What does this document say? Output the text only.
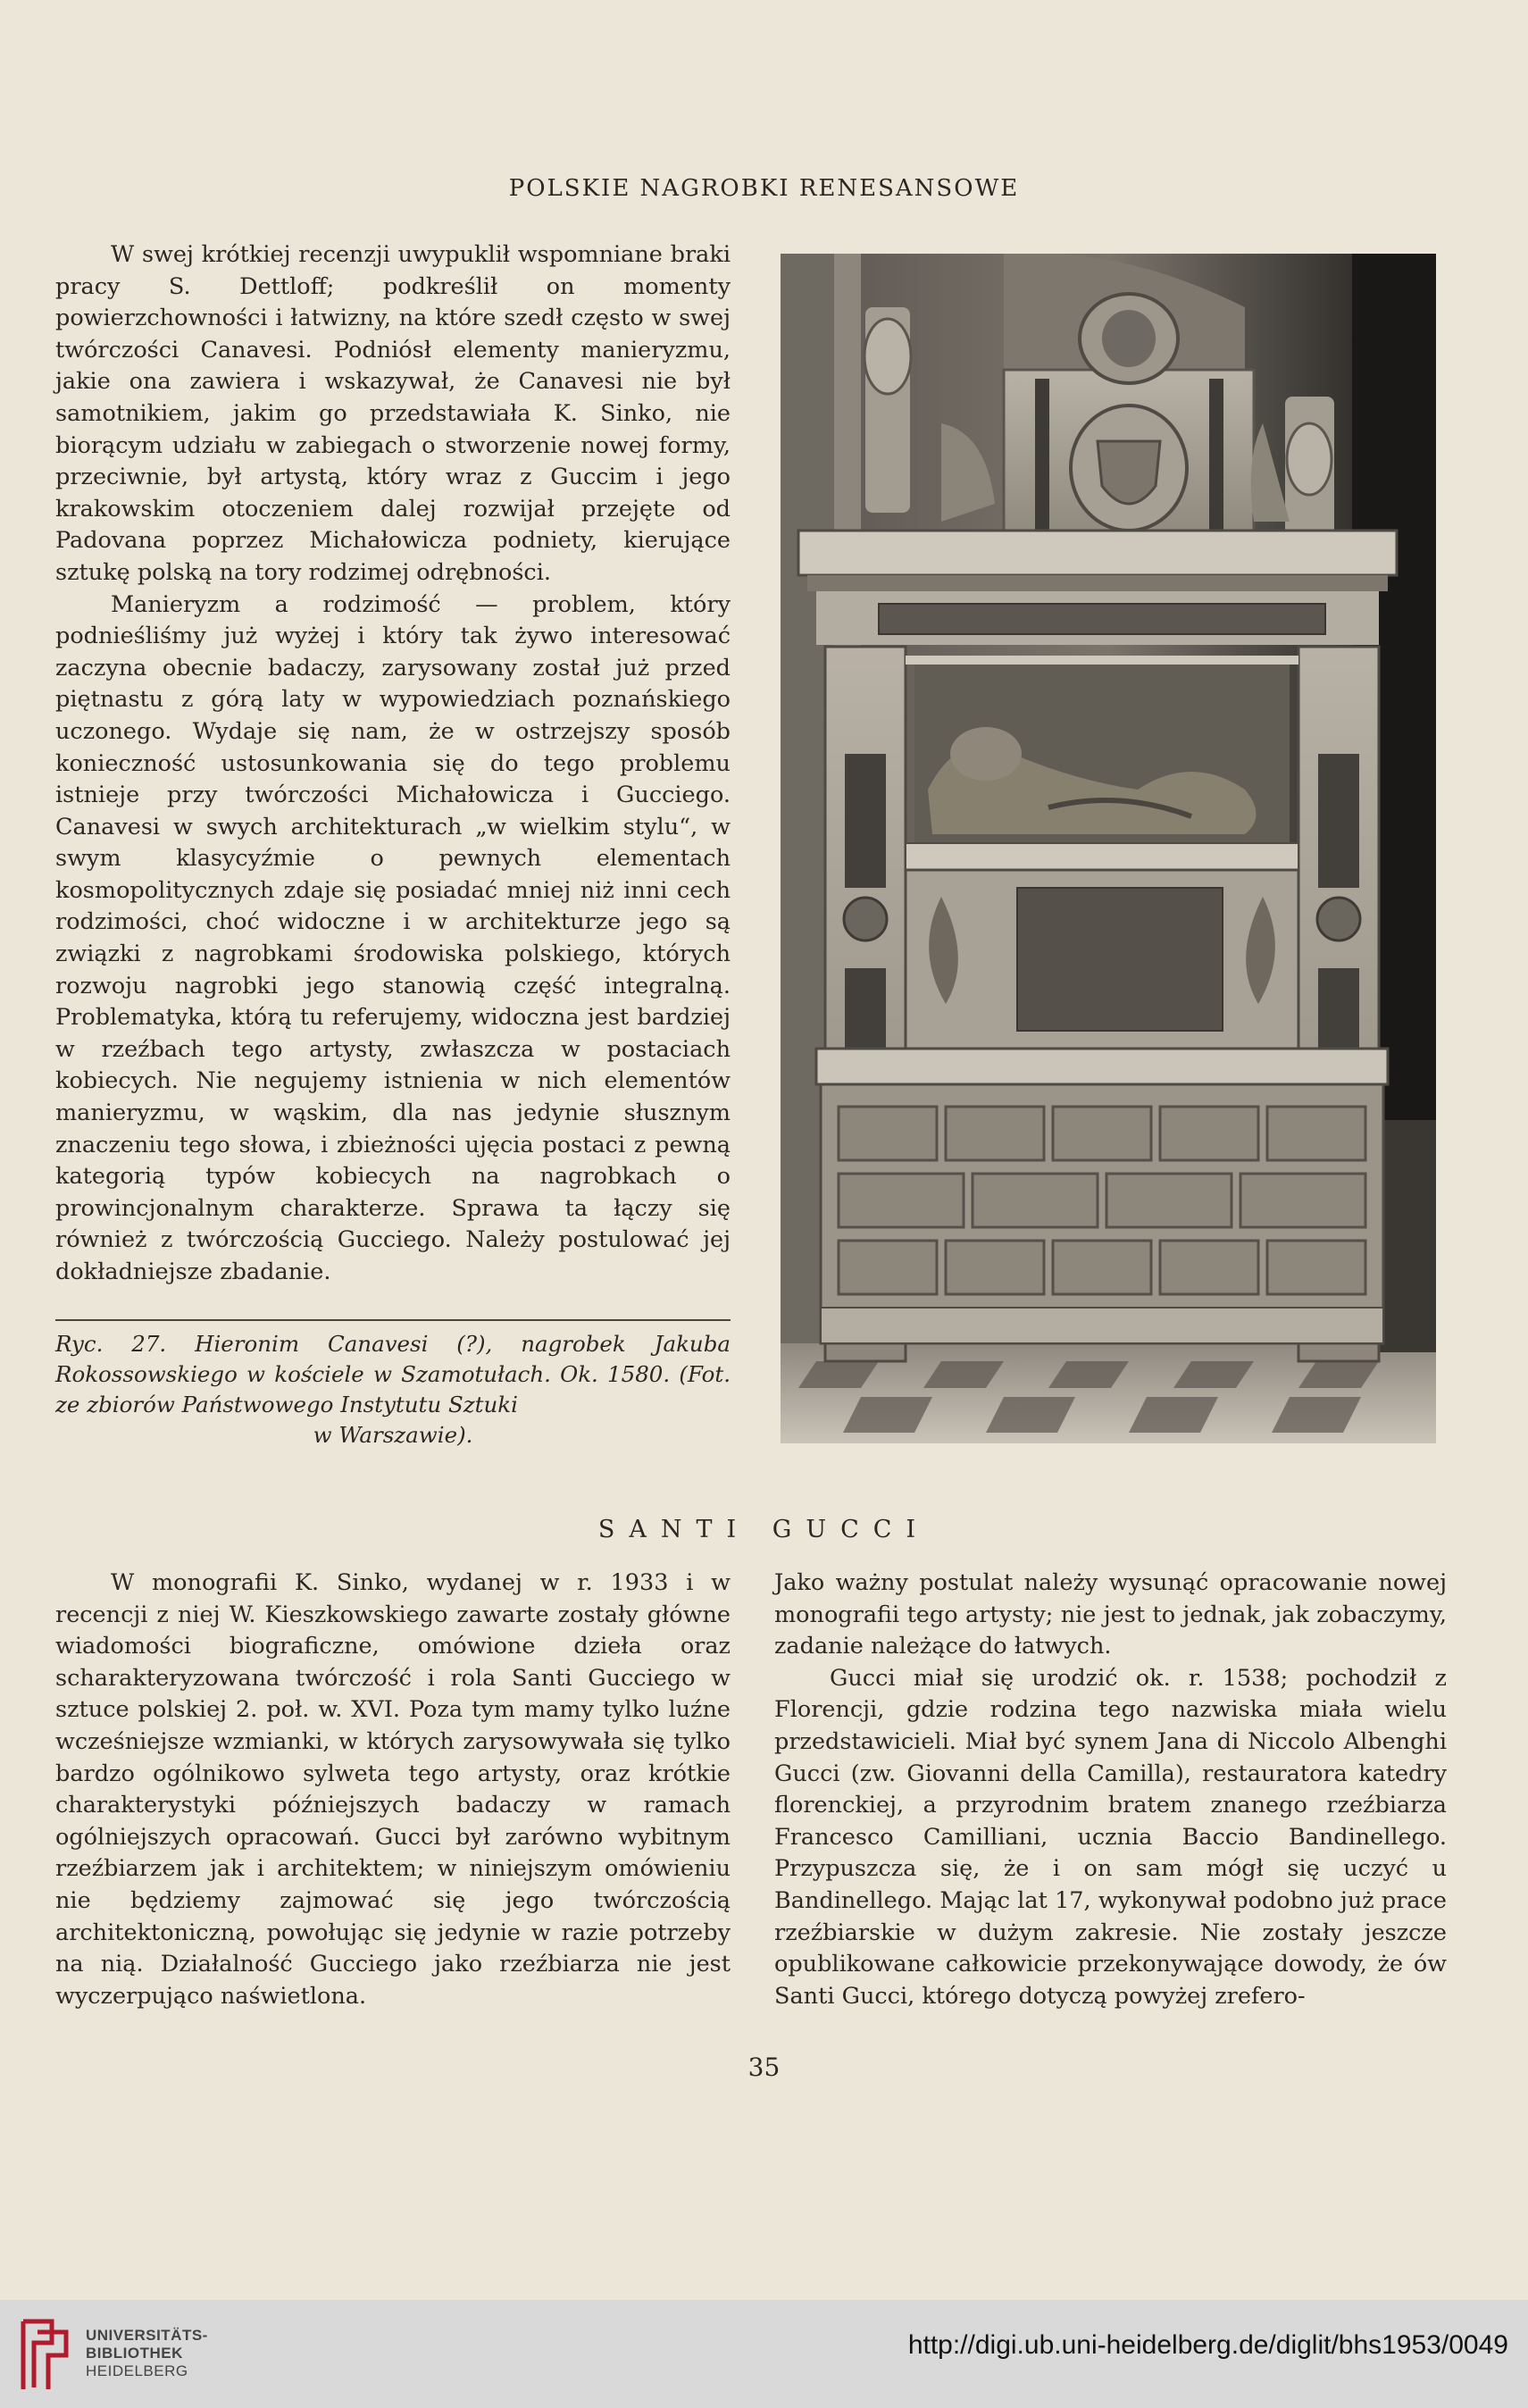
POLSKIE NAGROBKI RENESANSOWE

W swej krótkiej recenzji uwypuklił wspomniane braki pracy S. Dettloff; podkreślił on momenty powierzchowności i łatwizny, na które szedł często w swej twórczości Canavesi. Podniósł elementy manieryzmu, jakie ona zawiera i wskazywał, że Canavesi nie był samotnikiem, jakim go przedstawiała K. Sinko, nie biorącym udziału w zabiegach o stworzenie nowej formy, przeciwnie, był artystą, który wraz z Guccim i jego krakowskim otoczeniem dalej rozwijał przejęte od Padovana poprzez Michałowicza podniety, kierujące sztukę polską na tory rodzimej odrębności.

Manieryzm a rodzimość — problem, który podnieśliśmy już wyżej i który tak żywo interesować zaczyna obecnie badaczy, zarysowany został już przed piętnastu z górą laty w wypowiedziach poznańskiego uczonego. Wydaje się nam, że w ostrzejszy sposób konieczność ustosunkowania się do tego problemu istnieje przy twórczości Michałowicza i Gucciego. Canavesi w swych architekturach „w wielkim stylu“, w swym klasycyźmie o pewnych elementach kosmopolitycznych zdaje się posiadać mniej niż inni cech rodzimości, choć widoczne i w architekturze jego są związki z nagrobkami środowiska polskiego, których rozwoju nagrobki jego stanowią część integralną. Problematyka, którą tu referujemy, widoczna jest bardziej w rzeźbach tego artysty, zwłaszcza w postaciach kobiecych. Nie negujemy istnienia w nich elementów manieryzmu, w wąskim, dla nas jedynie słusznym znaczeniu tego słowa, i zbieżności ujęcia postaci z pewną kategorią typów kobiecych na nagrobkach o prowincjonalnym charakterze. Sprawa ta łączy się również z twórczością Gucciego. Należy postulować jej dokładniejsze zbadanie.

Ryc. 27. Hieronim Canavesi (?), nagrobek Jakuba Rokossowskiego w kościele w Szamotułach. Ok. 1580. (Fot. ze zbiorów Państwowego Instytutu Sztuki
w Warszawie).
SANTI GUCCI

W monografii K. Sinko, wydanej w r. 1933 i w recencji z niej W. Kieszkowskiego zawarte zostały główne wiadomości biograficzne, omówione dzieła oraz scharakteryzowana twórczość i rola Santi Gucciego w sztuce polskiej 2. poł. w. XVI. Poza tym mamy tylko luźne wcześniejsze wzmianki, w których zarysowywała się tylko bardzo ogólnikowo sylweta tego artysty, oraz krótkie charakterystyki późniejszych badaczy w ramach ogólniejszych opracowań. Gucci był zarówno wybitnym rzeźbiarzem jak i architektem; w niniejszym omówieniu nie będziemy zajmować się jego twórczością architektoniczną, powołując się jedynie w razie potrzeby na nią. Działalność Gucciego jako rzeźbiarza nie jest wyczerpująco naświetlona.

Jako ważny postulat należy wysunąć opracowanie nowej monografii tego artysty; nie jest to jednak, jak zobaczymy, zadanie należące do łatwych.

Gucci miał się urodzić ok. r. 1538; pochodził z Florencji, gdzie rodzina tego nazwiska miała wielu przedstawicieli. Miał być synem Jana di Niccolo Albenghi Gucci (zw. Giovanni della Camilla), restauratora katedry florenckiej, a przyrodnim bratem znanego rzeźbiarza Francesco Camilliani, ucznia Baccio Bandinellego. Przypuszcza się, że i on sam mógł się uczyć u Bandinellego. Mając lat 17, wykonywał podobno już prace rzeźbiarskie w dużym zakresie. Nie zostały jeszcze opublikowane całkowicie przekonywające dowody, że ów Santi Gucci, którego dotyczą powyżej zrefero-

35
UNIVERSITÄTS-
BIBLIOTHEK
HEIDELBERG
http://digi.ub.uni-heidelberg.de/diglit/bhs1953/0049
